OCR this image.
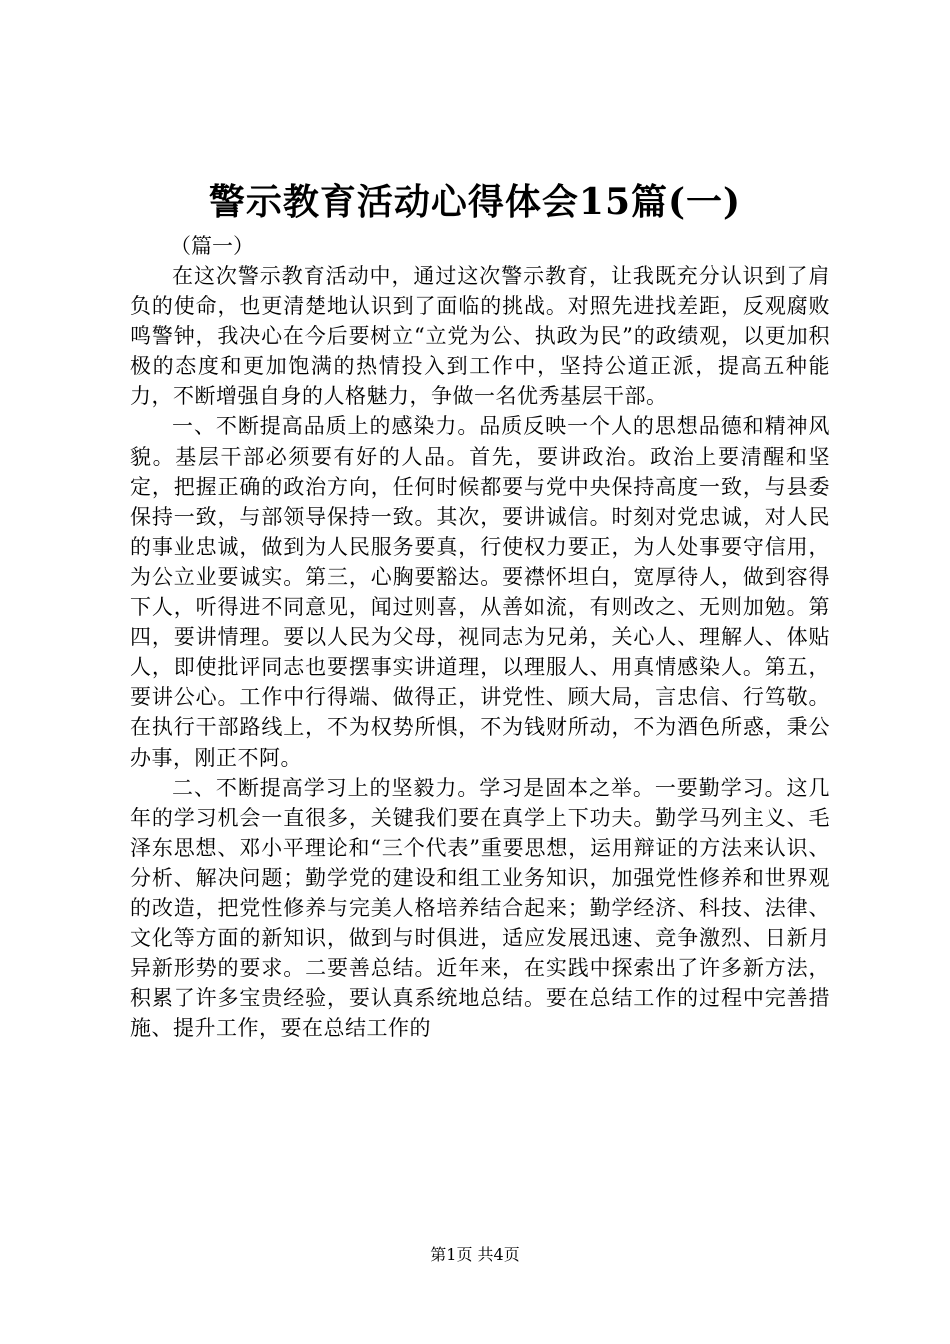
警示教育活动心得体会15篇(一)

（篇一）

在这次警示教育活动中，通过这次警示教育，让我既充分认识到了肩负的使命，也更清楚地认识到了面临的挑战。对照先进找差距，反观腐败鸣警钟，我决心在今后要树立“立党为公、执政为民”的政绩观，以更加积极的态度和更加饱满的热情投入到工作中，坚持公道正派，提高五种能力，不断增强自身的人格魅力，争做一名优秀基层干部。

一、不断提高品质上的感染力。品质反映一个人的思想品德和精神风貌。基层干部必须要有好的人品。首先，要讲政治。政治上要清醒和坚定，把握正确的政治方向，任何时候都要与党中央保持高度一致，与县委保持一致，与部领导保持一致。其次，要讲诚信。时刻对党忠诚，对人民的事业忠诚，做到为人民服务要真，行使权力要正，为人处事要守信用，为公立业要诚实。第三，心胸要豁达。要襟怀坦白，宽厚待人，做到容得下人，听得进不同意见，闻过则喜，从善如流，有则改之、无则加勉。第四，要讲情理。要以人民为父母，视同志为兄弟，关心人、理解人、体贴人，即使批评同志也要摆事实讲道理，以理服人、用真情感染人。第五，要讲公心。工作中行得端、做得正，讲党性、顾大局，言忠信、行笃敬。在执行干部路线上，不为权势所惧，不为钱财所动，不为酒色所惑，秉公办事，刚正不阿。

二、不断提高学习上的坚毅力。学习是固本之举。一要勤学习。这几年的学习机会一直很多，关键我们要在真学上下功夫。勤学马列主义、毛泽东思想、邓小平理论和“三个代表”重要思想，运用辩证的方法来认识、分析、解决问题；勤学党的建设和组工业务知识，加强党性修养和世界观的改造，把党性修养与完美人格培养结合起来；勤学经济、科技、法律、文化等方面的新知识，做到与时俱进，适应发展迅速、竞争激烈、日新月异新形势的要求。二要善总结。近年来，在实践中探索出了许多新方法，积累了许多宝贵经验，要认真系统地总结。要在总结工作的过程中完善措施、提升工作，要在总结工作的

第1页 共4页
